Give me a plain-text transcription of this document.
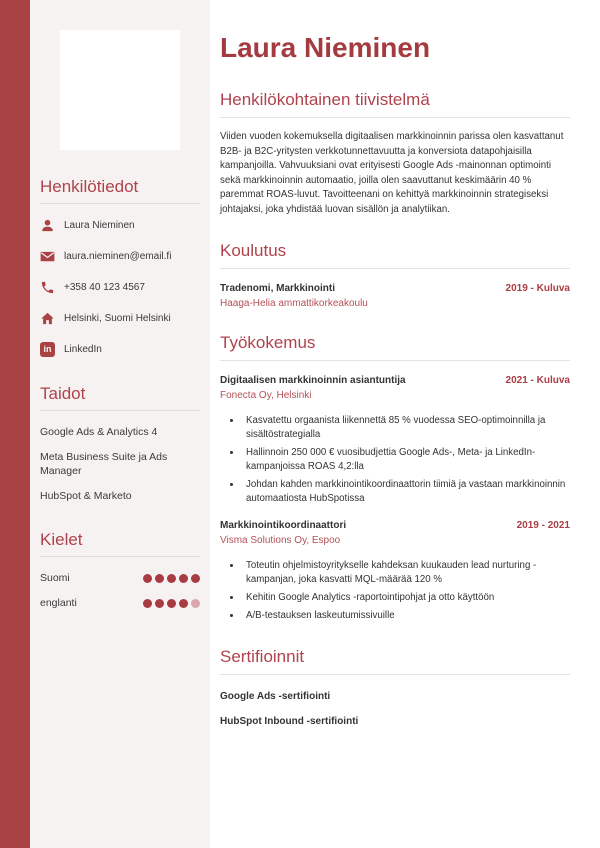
Henkilötiedot
Laura Nieminen
laura.nieminen@email.fi
+358 40 123 4567
Helsinki, Suomi Helsinki
in	LinkedIn
Taidot
Google Ads & Analytics 4
Meta Business Suite ja Ads Manager
HubSpot & Marketo
Kielet
Suomi
englanti
Laura Nieminen
Henkilökohtainen tiivistelmä

Viiden vuoden kokemuksella digitaalisen markkinoinnin parissa olen kasvattanut B2B- ja B2C-yritysten verkkotunnettavuutta ja konversiota datapohjaisilla kampanjoilla. Vahvuuksiani ovat erityisesti Google Ads -mainonnan optimointi sekä markkinoinnin automaatio, joilla olen saavuttanut keskimäärin 40 % paremmat ROAS-luvut. Tavoitteenani on kehittyä markkinoinnin strategiseksi johtajaksi, joka yhdistää luovan sisällön ja analytiikan.

Koulutus
Tradenomi, Markkinointi	2019 - Kuluva
Haaga-Helia ammattikorkeakoulu
Työkokemus
Digitaalisen markkinoinnin asiantuntija	2021 - Kuluva
Fonecta Oy, Helsinki
• Kasvatettu orgaanista liikennettä 85 % vuodessa SEO-optimoinnilla ja sisältöstrategialla
• Hallinnoin 250 000 € vuosibudjettia Google Ads-, Meta- ja LinkedIn-kampanjoissa ROAS 4,2:lla
• Johdan kahden markkinointikoordinaattorin tiimiä ja vastaan markkinoinnin automaatiosta HubSpotissa
Markkinointikoordinaattori	2019 - 2021
Visma Solutions Oy, Espoo
• Toteutin ohjelmistoyritykselle kahdeksan kuukauden lead nurturing -kampanjan, joka kasvatti MQL-määrää 120 %
• Kehitin Google Analytics -raportointipohjat ja otto käyttöön
• A/B-testauksen laskeutumissivuille
Sertifioinnit
Google Ads -sertifiointi
HubSpot Inbound -sertifiointi
